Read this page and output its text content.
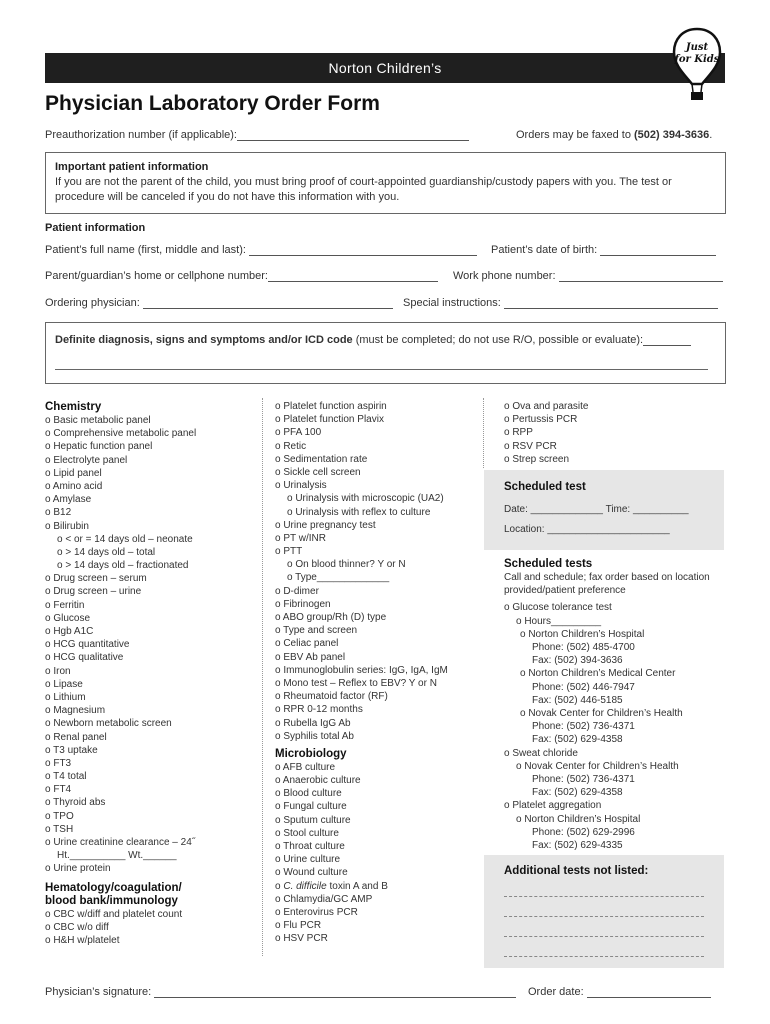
Norton Children’s
Just
for Kids
Physician Laboratory Order Form
Preauthorization number (if applicable):	Orders may be faxed to (502) 394-3636.
Important patient information
If you are not the parent of the child, you must bring proof of court-appointed guardianship/custody papers with you. The test or
procedure will be canceled if you do not have this information with you.
Patient information
Patient’s full name (first, middle and last):	Patient’s date of birth:
Parent/guardian’s home or cellphone number:	Work phone number:
Ordering physician:	Special instructions:
Definite diagnosis, signs and symptoms and/or ICD code (must be completed; do not use R/O, possible or evaluate):
Chemistry
o Basic metabolic panel
o Comprehensive metabolic panel
o Hepatic function panel
o Electrolyte panel
o Lipid panel
o Amino acid
o Amylase
o B12
o Bilirubin
o < or = 14 days old – neonate
o > 14 days old – total
o > 14 days old – fractionated
o Drug screen – serum
o Drug screen – urine
o Ferritin
o Glucose
o Hgb A1C
o HCG quantitative
o HCG qualitative
o Iron
o Lipase
o Lithium
o Magnesium
o Newborn metabolic screen
o Renal panel
o T3 uptake
o FT3
o T4 total
o FT4
o Thyroid abs
o TPO
o TSH
o Urine creatinine clearance – 24˝
Ht.__________ Wt.______
o Urine protein
Hematology/coagulation/
blood bank/immunology
o CBC w/diff and platelet count
o CBC w/o diff
o H&H w/platelet
o Platelet function aspirin
o Platelet function Plavix
o PFA 100
o Retic
o Sedimentation rate
o Sickle cell screen
o Urinalysis
o Urinalysis with microscopic (UA2)
o Urinalysis with reflex to culture
o Urine pregnancy test
o PT w/INR
o PTT
o On blood thinner? Y or N
o Type_____________
o D-dimer
o Fibrinogen
o ABO group/Rh (D) type
o Type and screen
o Celiac panel
o EBV Ab panel
o Immunoglobulin series: IgG, IgA, IgM
o Mono test – Reflex to EBV? Y or N
o Rheumatoid factor (RF)
o RPR 0-12 months
o Rubella IgG Ab
o Syphilis total Ab
Microbiology
o AFB culture
o Anaerobic culture
o Blood culture
o Fungal culture
o Sputum culture
o Stool culture
o Throat culture
o Urine culture
o Wound culture
o C. difficile toxin A and B
o Chlamydia/GC AMP
o Enterovirus PCR
o Flu PCR
o HSV PCR
o Ova and parasite
o Pertussis PCR
o RPP
o RSV PCR
o Strep screen
Scheduled test
Date: _____________ Time: __________
Location: ______________________
Scheduled tests
Call and schedule; fax order based on location
provided/patient preference
o Glucose tolerance test
o Hours_________
o Norton Children’s Hospital
Phone: (502) 485-4700
Fax: (502) 394-3636
o Norton Children’s Medical Center
Phone: (502) 446-7947
Fax: (502) 446-5185
o Novak Center for Children’s Health
Phone: (502) 736-4371
Fax: (502) 629-4358
o Sweat chloride
o Novak Center for Children’s Health
Phone: (502) 736-4371
Fax: (502) 629-4358
o Platelet aggregation
o Norton Children’s Hospital
Phone: (502) 629-2996
Fax: (502) 629-4335
Additional tests not listed:
Physician’s signature:	Order date:
